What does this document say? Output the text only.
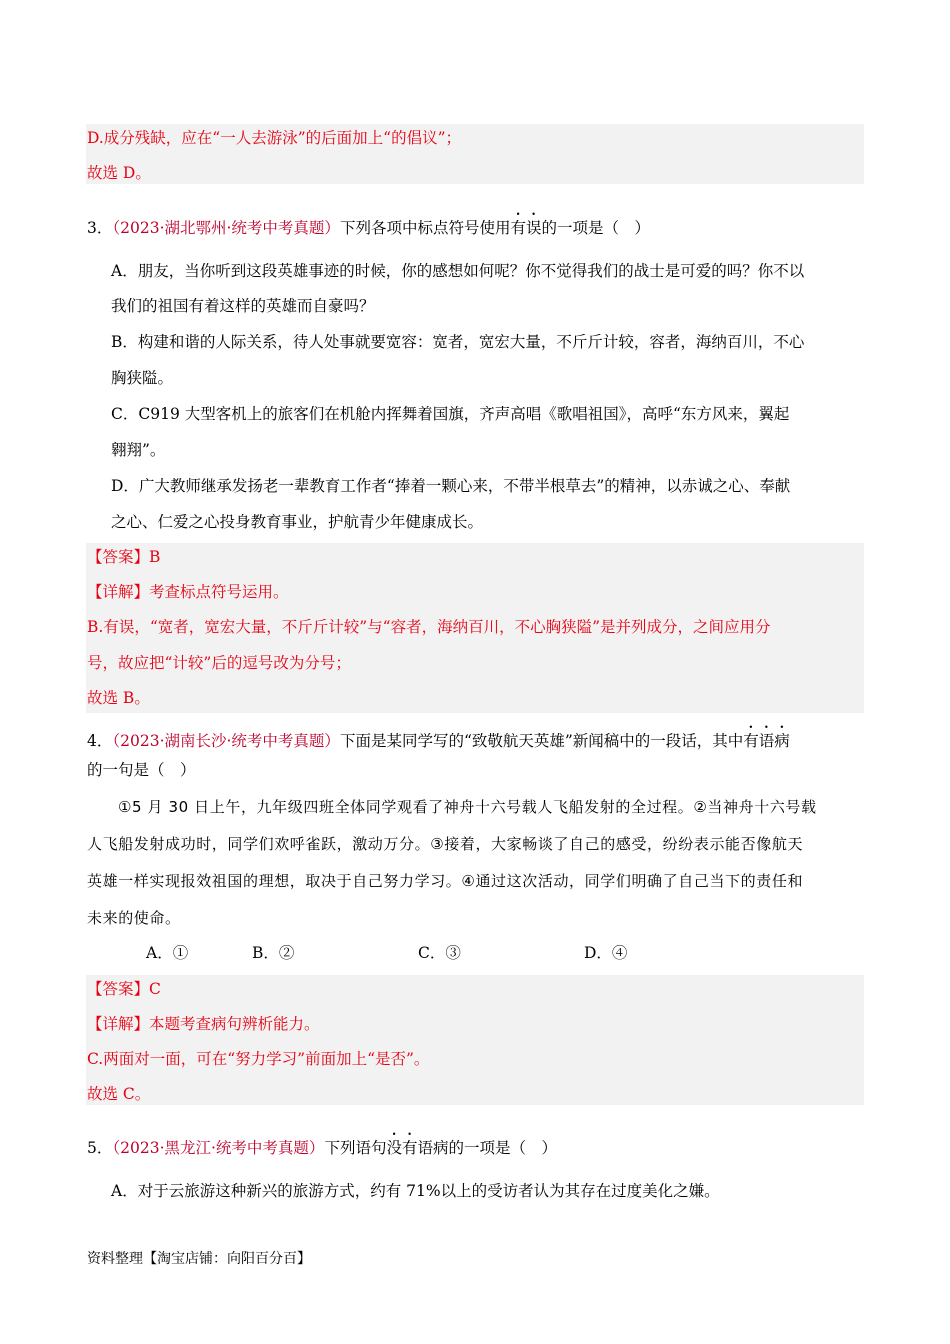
D.成分残缺，应在“一人去游泳”的后面加上“的倡议”；
故选 D。
3．（2023·湖北鄂州·统考中考真题）下列各项中标点符号使用有误的一项是（　）
A．朋友，当你听到这段英雄事迹的时候，你的感想如何呢？你不觉得我们的战士是可爱的吗？你不以
我们的祖国有着这样的英雄而自豪吗？
B．构建和谐的人际关系，待人处事就要宽容：宽者，宽宏大量，不斤斤计较，容者，海纳百川，不心
胸狭隘。
C．C919 大型客机上的旅客们在机舱内挥舞着国旗，齐声高唱《歌唱祖国》，高呼“东方风来，翼起
翱翔”。
D．广大教师继承发扬老一辈教育工作者“捧着一颗心来，不带半根草去”的精神，以赤诚之心、奉献
之心、仁爱之心投身教育事业，护航青少年健康成长。
【答案】B
【详解】考查标点符号运用。
B.有误，“宽者，宽宏大量，不斤斤计较”与“容者，海纳百川，不心胸狭隘”是并列成分，之间应用分
号，故应把“计较”后的逗号改为分号；
故选 B。
4．（2023·湖南长沙·统考中考真题）下面是某同学写的“致敬航天英雄”新闻稿中的一段话，其中有语病
的一句是（　）
①5 月 30 日上午，九年级四班全体同学观看了神舟十六号载人飞船发射的全过程。②当神舟十六号载
人飞船发射成功时，同学们欢呼雀跃，激动万分。③接着，大家畅谈了自己的感受，纷纷表示能否像航天
英雄一样实现报效祖国的理想，取决于自己努力学习。④通过这次活动，同学们明确了自己当下的责任和
未来的使命。
A．①	B．②	C．③	D．④
【答案】C
【详解】本题考查病句辨析能力。
C.两面对一面，可在“努力学习”前面加上“是否”。
故选 C。
5．（2023·黑龙江·统考中考真题）下列语句没有语病的一项是（　）
A．对于云旅游这种新兴的旅游方式，约有 71%以上的受访者认为其存在过度美化之嫌。
资料整理【淘宝店铺：向阳百分百】
